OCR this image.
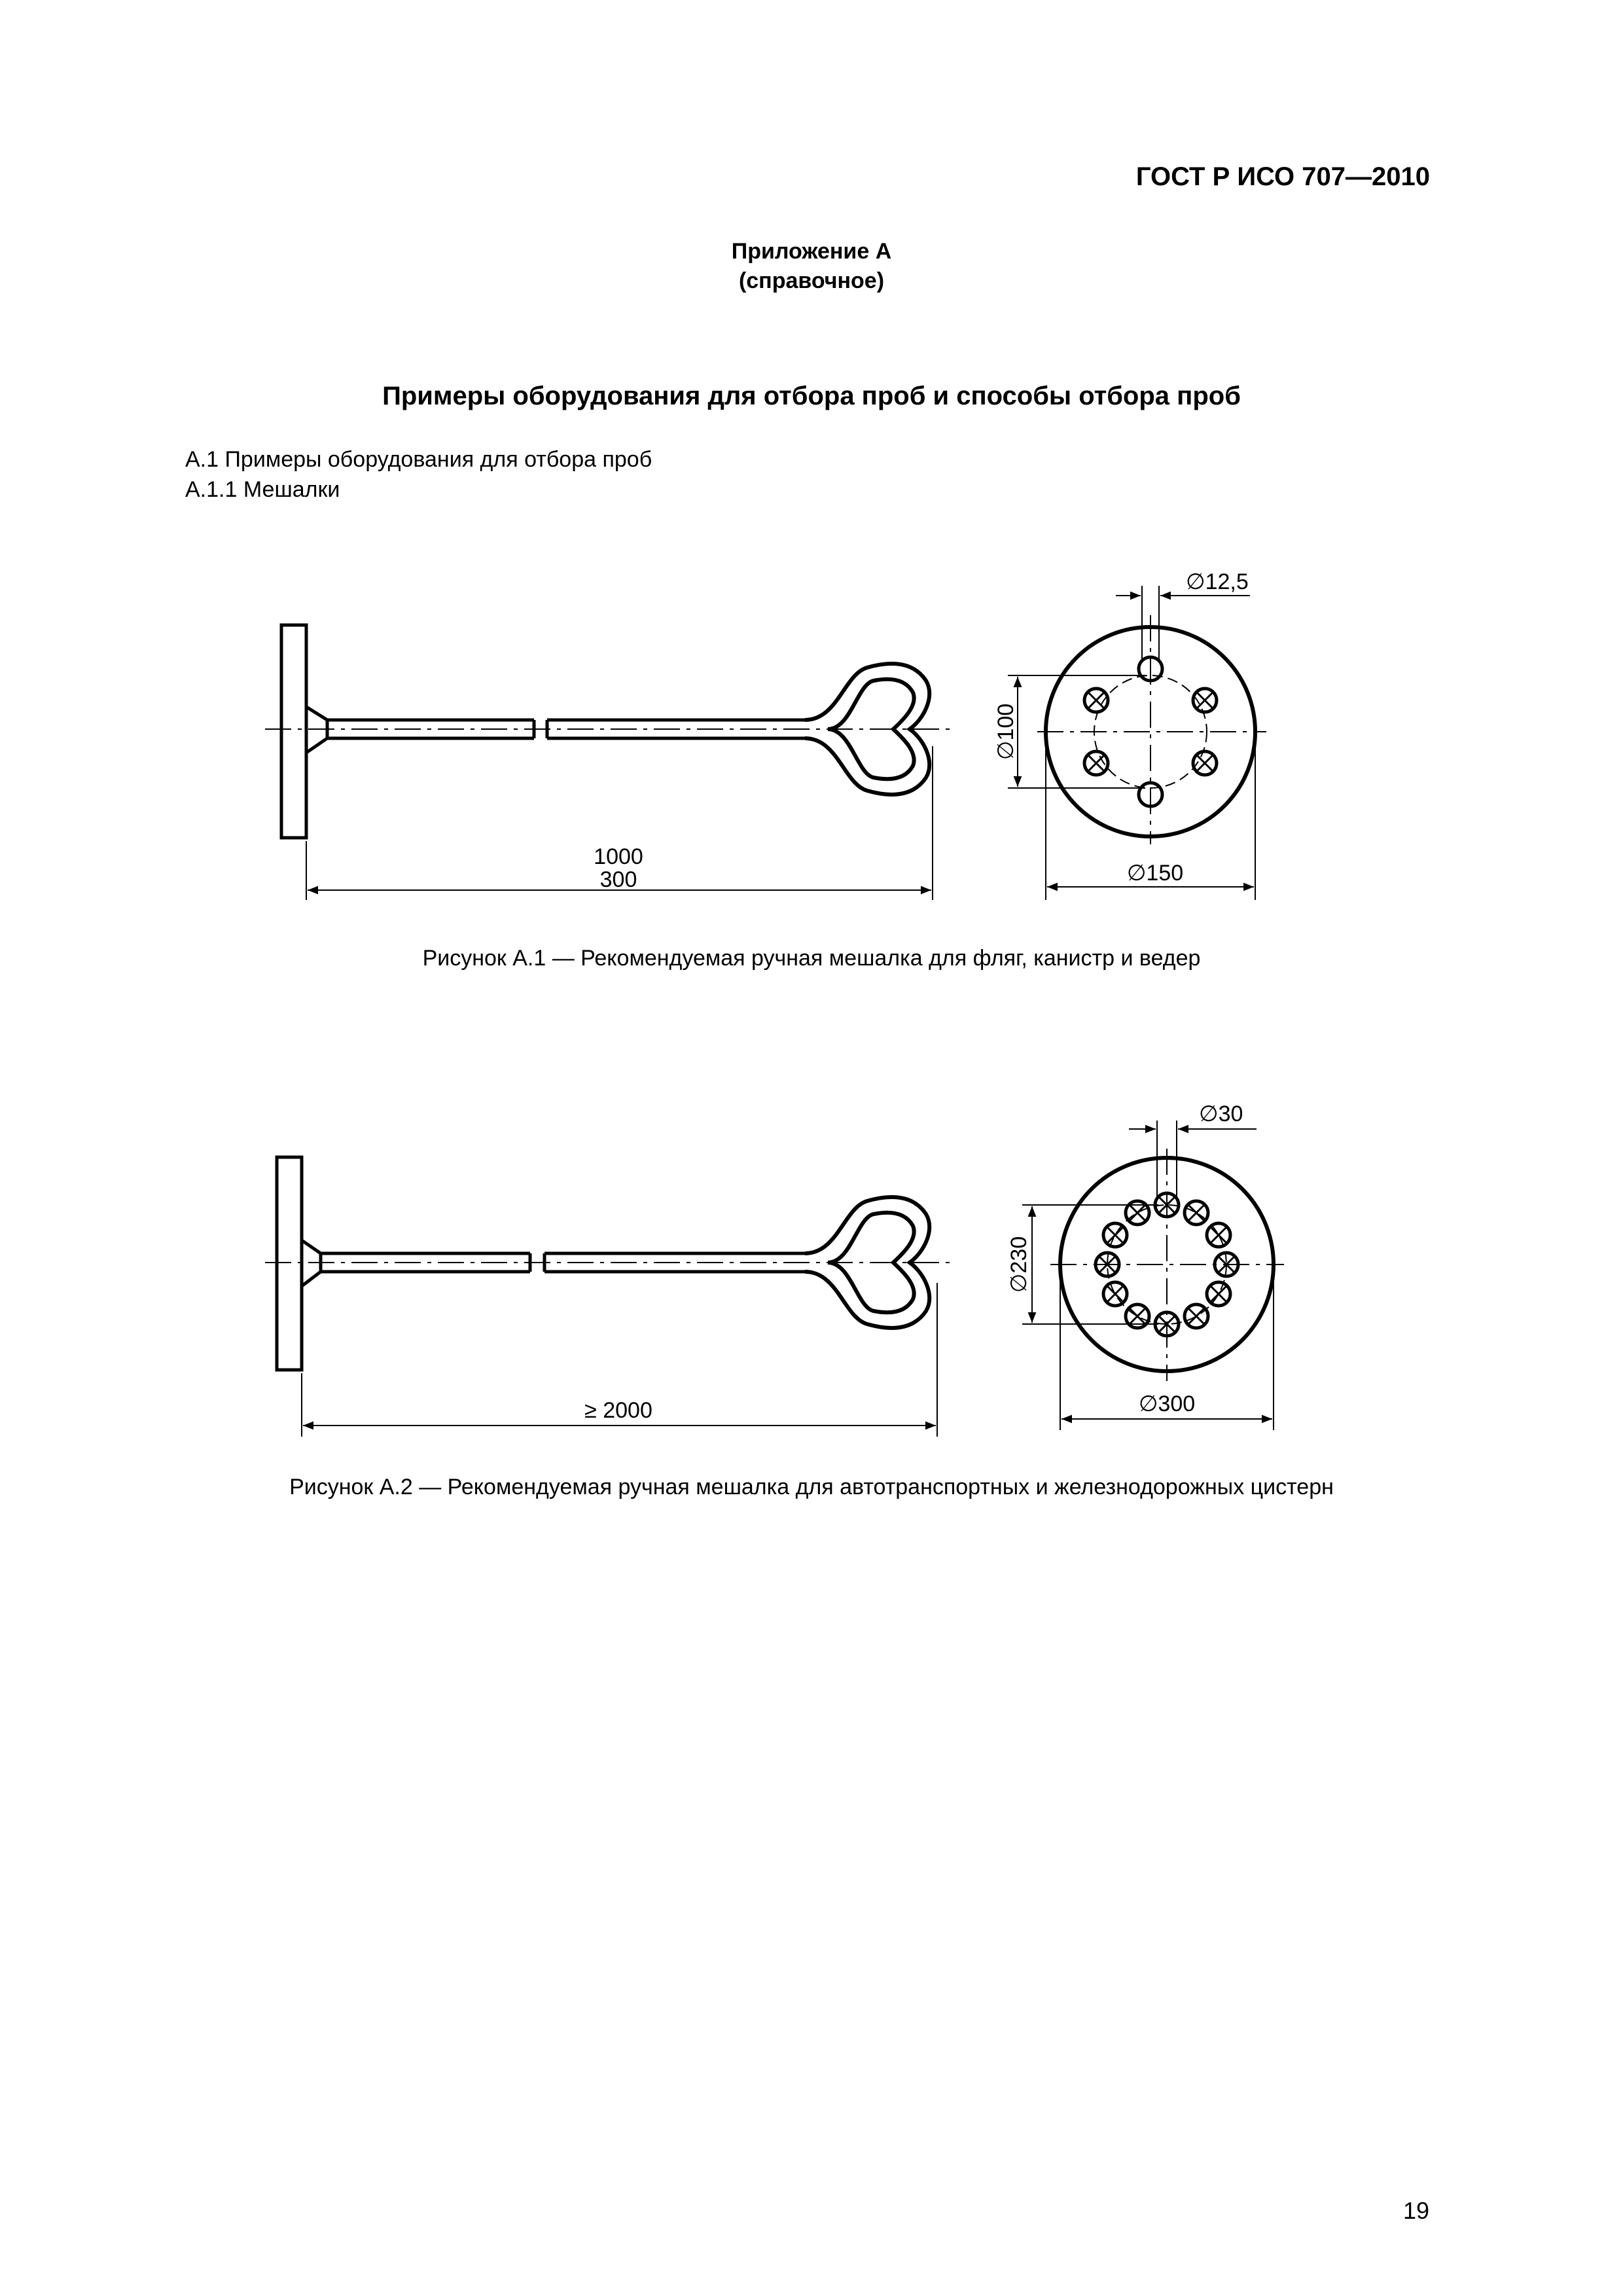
ГОСТ Р ИСО 707—2010
Приложение А
(справочное)
Примеры оборудования для отбора проб и способы отбора проб
А.1 Примеры оборудования для отбора проб
А.1.1 Мешалки
1000
300
∅12,5
∅100
∅150
Рисунок А.1 — Рекомендуемая ручная мешалка для фляг, канистр и ведер
≥ 2000
∅30
∅230
∅300
Рисунок А.2 — Рекомендуемая ручная мешалка для автотранспортных и железнодорожных цистерн
19
